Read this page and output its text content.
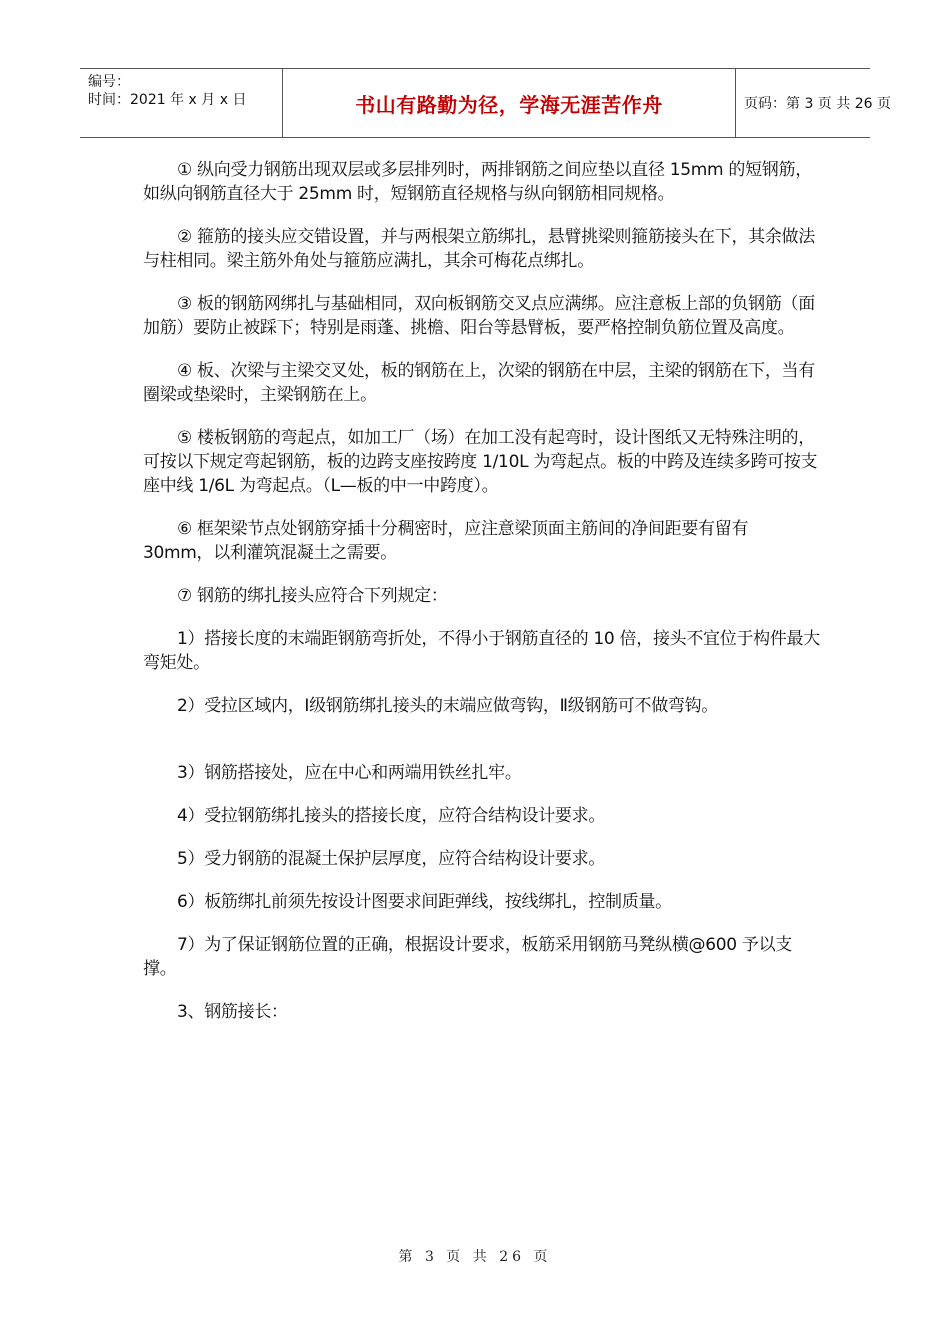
编号：
时间：2021 年 x 月 x 日	书山有路勤为径，学海无涯苦作舟	页码：第 3 页 共 26 页

① 纵向受力钢筋出现双层或多层排列时，两排钢筋之间应垫以直径 15mm 的短钢筋，如纵向钢筋直径大于 25mm 时，短钢筋直径规格与纵向钢筋相同规格。

② 箍筋的接头应交错设置，并与两根架立筋绑扎，悬臂挑梁则箍筋接头在下，其余做法与柱相同。梁主筋外角处与箍筋应满扎，其余可梅花点绑扎。

③ 板的钢筋网绑扎与基础相同，双向板钢筋交叉点应满绑。应注意板上部的负钢筋（面加筋）要防止被踩下；特别是雨蓬、挑檐、阳台等悬臂板，要严格控制负筋位置及高度。

④ 板、次梁与主梁交叉处，板的钢筋在上，次梁的钢筋在中层，主梁的钢筋在下，当有圈梁或垫梁时，主梁钢筋在上。

⑤ 楼板钢筋的弯起点，如加工厂（场）在加工没有起弯时，设计图纸又无特殊注明的，可按以下规定弯起钢筋，板的边跨支座按跨度 1/10L 为弯起点。板的中跨及连续多跨可按支座中线 1/6L 为弯起点。（L—板的中一中跨度）。

⑥ 框架梁节点处钢筋穿插十分稠密时，应注意梁顶面主筋间的净间距要有留有 30mm，以利灌筑混凝土之需要。

⑦ 钢筋的绑扎接头应符合下列规定：

1）搭接长度的末端距钢筋弯折处，不得小于钢筋直径的 10 倍，接头不宜位于构件最大弯矩处。

2）受拉区域内，Ⅰ级钢筋绑扎接头的末端应做弯钩，Ⅱ级钢筋可不做弯钩。

3）钢筋搭接处，应在中心和两端用铁丝扎牢。

4）受拉钢筋绑扎接头的搭接长度，应符合结构设计要求。

5）受力钢筋的混凝土保护层厚度，应符合结构设计要求。

6）板筋绑扎前须先按设计图要求间距弹线，按线绑扎，控制质量。

7）为了保证钢筋位置的正确，根据设计要求，板筋采用钢筋马凳纵横@600 予以支撑。

3、钢筋接长：

第 3 页 共 26 页
